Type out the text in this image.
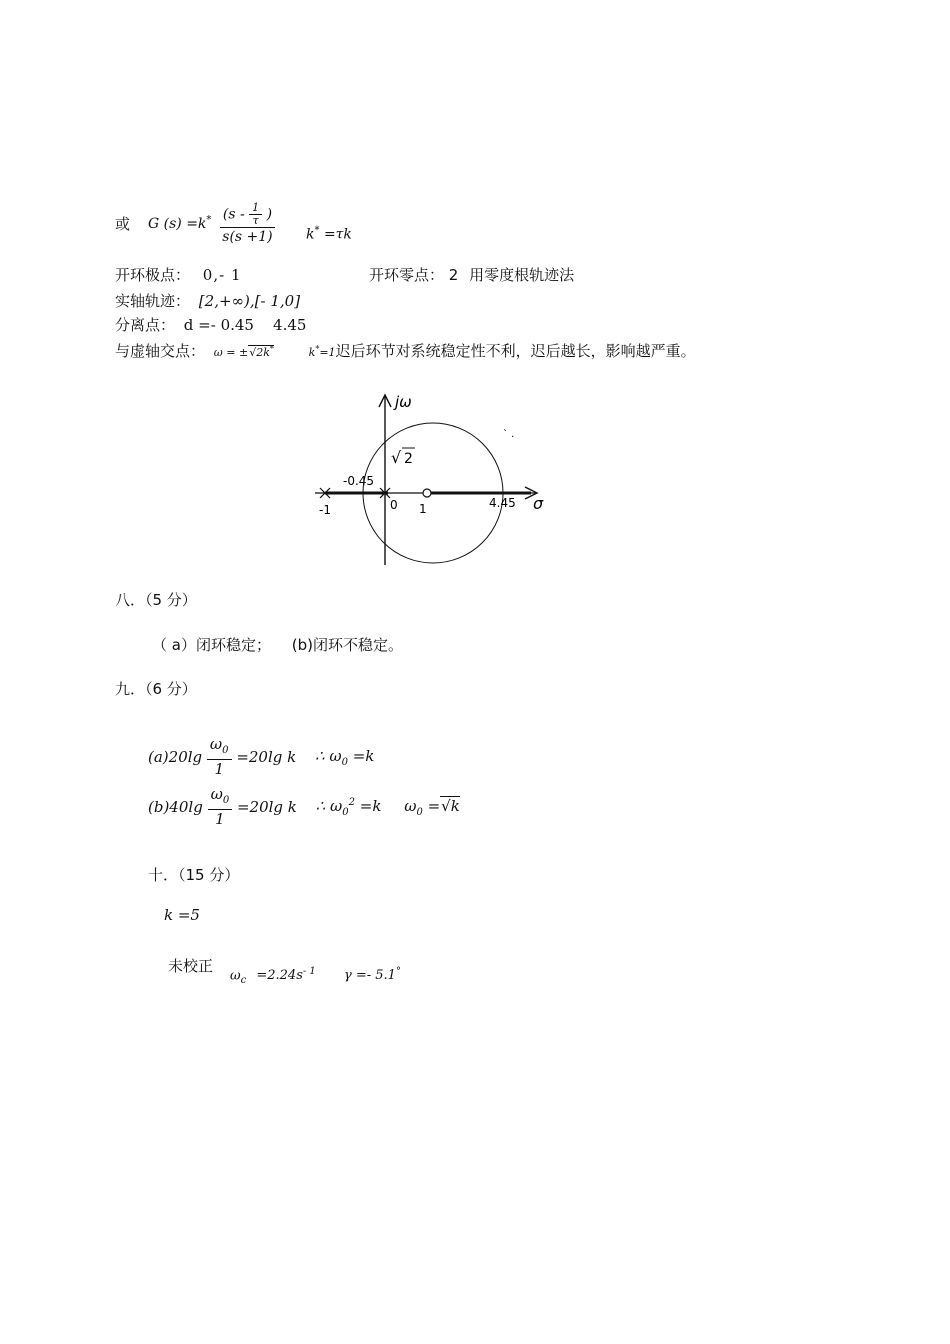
或 G $(s) =k^* \frac{(s - \frac{1}{\tau} )}{s(s +1)} k^* =\tau k$
开环极点： 0,- 1	开环零点： 2 用零度根轨迹法
实轴轨迹： [2,+∞),[- 1,0]
分离点： d =- 0.45    4.45
与虚轴交点： ω = ±√2k*	k*=1迟后环节对系统稳定性不利，迟后越长，影响越严重。
jω
σ
√ 2
-0.45
-1	0 1	4.45
` .
八．（5 分）
（ a）闭环稳定； (b)闭环不稳定。
九．（6 分）
$(a)20\lg \frac{\omega_0}{1} =20\lg$ k ∴ $\omega_0 =k$
$(b)40\lg \frac{\omega_0}{1} =20\lg$ k ∴ $\omega_0^2 =k$ $\omega_0 =√k$
十．（15 分）
k =5
未校正
$\omega_c =2.24s^{- 1}$ γ =- 5.1°
